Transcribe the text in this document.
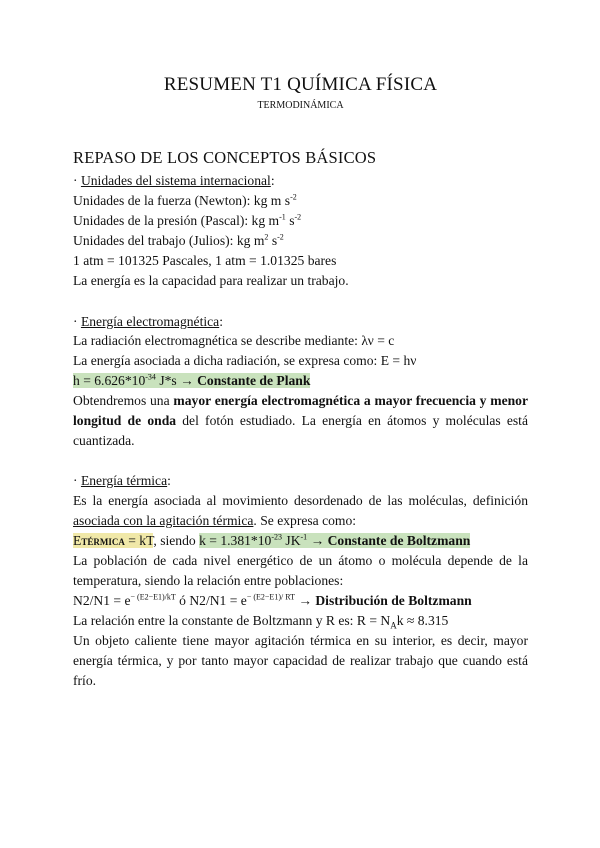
RESUMEN T1 QUÍMICA FÍSICA
TERMODINÁMICA
REPASO DE LOS CONCEPTOS BÁSICOS
· Unidades del sistema internacional:
Unidades de la fuerza (Newton): kg m $s^{-2}$
Unidades de la presión (Pascal): kg $m^{-1}$ $s^{-2}$
Unidades del trabajo (Julios): kg $m^2$ $s^{-2}$
1 atm = 101325 Pascales, 1 atm = 1.01325 bares
La energía es la capacidad para realizar un trabajo.
· Energía electromagnética:
La radiación electromagnética se describe mediante: λν = c
La energía asociada a dicha radiación, se expresa como: E = hν
$h = 6.626*10^{-34}$ J*s → Constante de Plank
Obtendremos una mayor energía electromagnética a mayor frecuencia y menor longitud de onda del fotón estudiado. La energía en átomos y moléculas está cuantizada.
· Energía térmica:
Es la energía asociada al movimiento desordenado de las moléculas, definición asociada con la agitación térmica. Se expresa como:
ETÉRMICA = kT, siendo $k = 1.381*10^{-23}$ $JK^{-1}$ → Constante de Boltzmann
La población de cada nivel energético de un átomo o molécula depende de la temperatura, siendo la relación entre poblaciones:
$N2/N1 = e^{- (E2-E1)/kT}$ ó $N2/N1 = e^{- (E2-E1)/ RT}$ → Distribución de Boltzmann
La relación entre la constante de Boltzmann y R es: $R = N_Ak \approx 8.315$
Un objeto caliente tiene mayor agitación térmica en su interior, es decir, mayor energía térmica, y por tanto mayor capacidad de realizar trabajo que cuando está frío.
